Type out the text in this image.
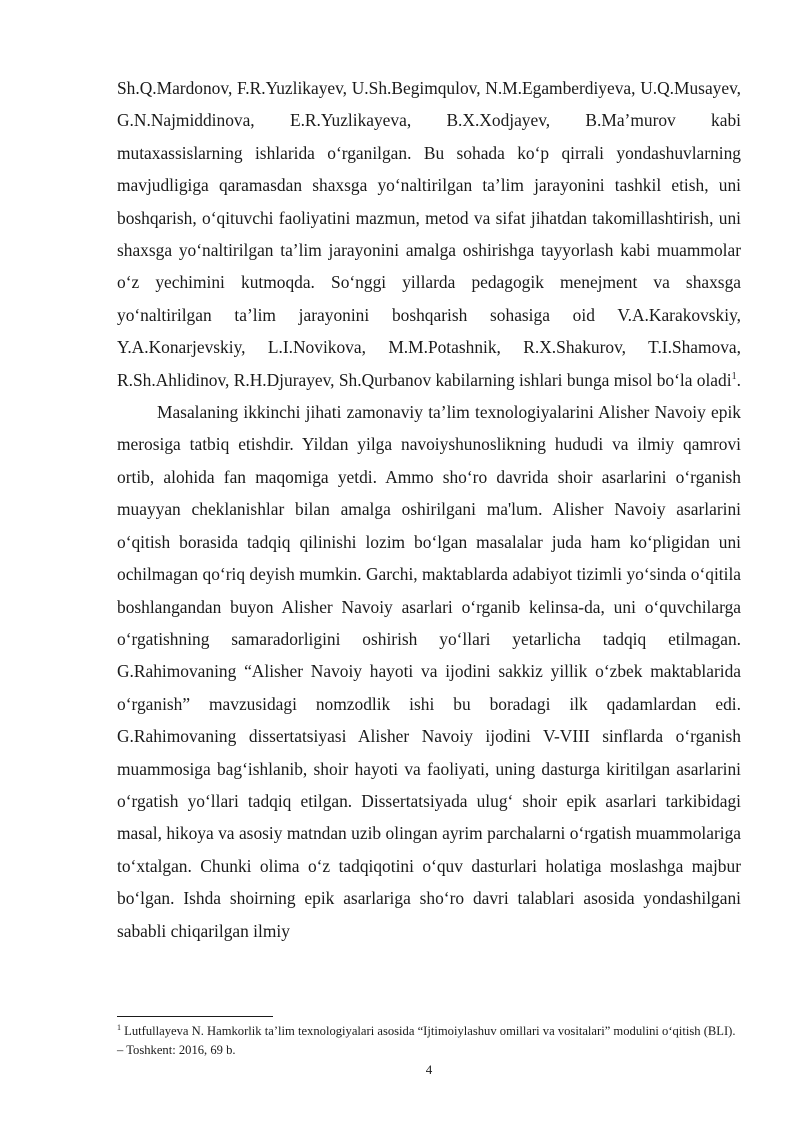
Sh.Q.Mardonov, F.R.Yuzlikayev, U.Sh.Begimqulov, N.M.Egamberdiyeva, U.Q.Musayev, G.N.Najmiddinova, E.R.Yuzlikayeva, B.X.Xodjayev, B.Ma’murov kabi mutaxassislarning ishlarida o‘rganilgan. Bu sohada ko‘p qirrali yondashuvlarning mavjudligiga qaramasdan shaxsga yo‘naltirilgan ta’lim jarayonini tashkil etish, uni boshqarish, o‘qituvchi faoliyatini mazmun, metod va sifat jihatdan takomillashtirish, uni shaxsga yo‘naltirilgan ta’lim jarayonini amalga oshirishga tayyorlash kabi muammolar o‘z yechimini kutmoqda. So‘nggi yillarda pedagogik menejment va shaxsga yo‘naltirilgan ta’lim jarayonini boshqarish sohasiga oid V.A.Karakovskiy, Y.A.Konarjevskiy, L.I.Novikova, M.M.Potashnik, R.X.Shakurov, T.I.Shamova, R.Sh.Ahlidinov, R.H.Djurayev, Sh.Qurbanov kabilarning ishlari bunga misol bo‘la oladi$^1$.

Masalaning ikkinchi jihati zamonaviy ta’lim texnologiyalarini Alisher Navoiy epik merosiga tatbiq etishdir. Yildan yilga navoiyshunoslikning hududi va ilmiy qamrovi ortib, alohida fan maqomiga yetdi. Ammo sho‘ro davrida shoir asarlarini o‘rganish muayyan cheklanishlar bilan amalga oshirilgani ma'lum. Alisher Navoiy asarlarini o‘qitish borasida tadqiq qilinishi lozim bo‘lgan masalalar juda ham ko‘pligidan uni ochilmagan qo‘riq deyish mumkin. Garchi, maktablarda adabiyot tizimli yo‘sinda o‘qitila boshlangandan buyon Alisher Navoiy asarlari o‘rganib kelinsa-da, uni o‘quvchilarga o‘rgatishning samaradorligini oshirish yo‘llari yetarlicha tadqiq etilmagan. G.Rahimovaning “Alisher Navoiy hayoti va ijodini sakkiz yillik o‘zbek maktablarida o‘rganish” mavzusidagi nomzodlik ishi bu boradagi ilk qadamlardan edi. G.Rahimovaning dissertatsiyasi Alisher Navoiy ijodini V-VIII sinflarda o‘rganish muammosiga bag‘ishlanib, shoir hayoti va faoliyati, uning dasturga kiritilgan asarlarini o‘rgatish yo‘llari tadqiq etilgan. Dissertatsiyada ulug‘ shoir epik asarlari tarkibidagi masal, hikoya va asosiy matndan uzib olingan ayrim parchalarni o‘rgatish muammolariga to‘xtalgan. Chunki olima o‘z tadqiqotini o‘quv dasturlari holatiga moslashga majbur bo‘lgan. Ishda shoirning epik asarlariga sho‘ro davri talablari asosida yondashilgani sababli chiqarilgan ilmiy

$^1$ Lutfullayeva N. Hamkorlik ta’lim texnologiyalari asosida “Ijtimoiylashuv omillari va vositalari” modulini o‘qitish (BLI). – Toshkent: 2016, 69 b.
4
